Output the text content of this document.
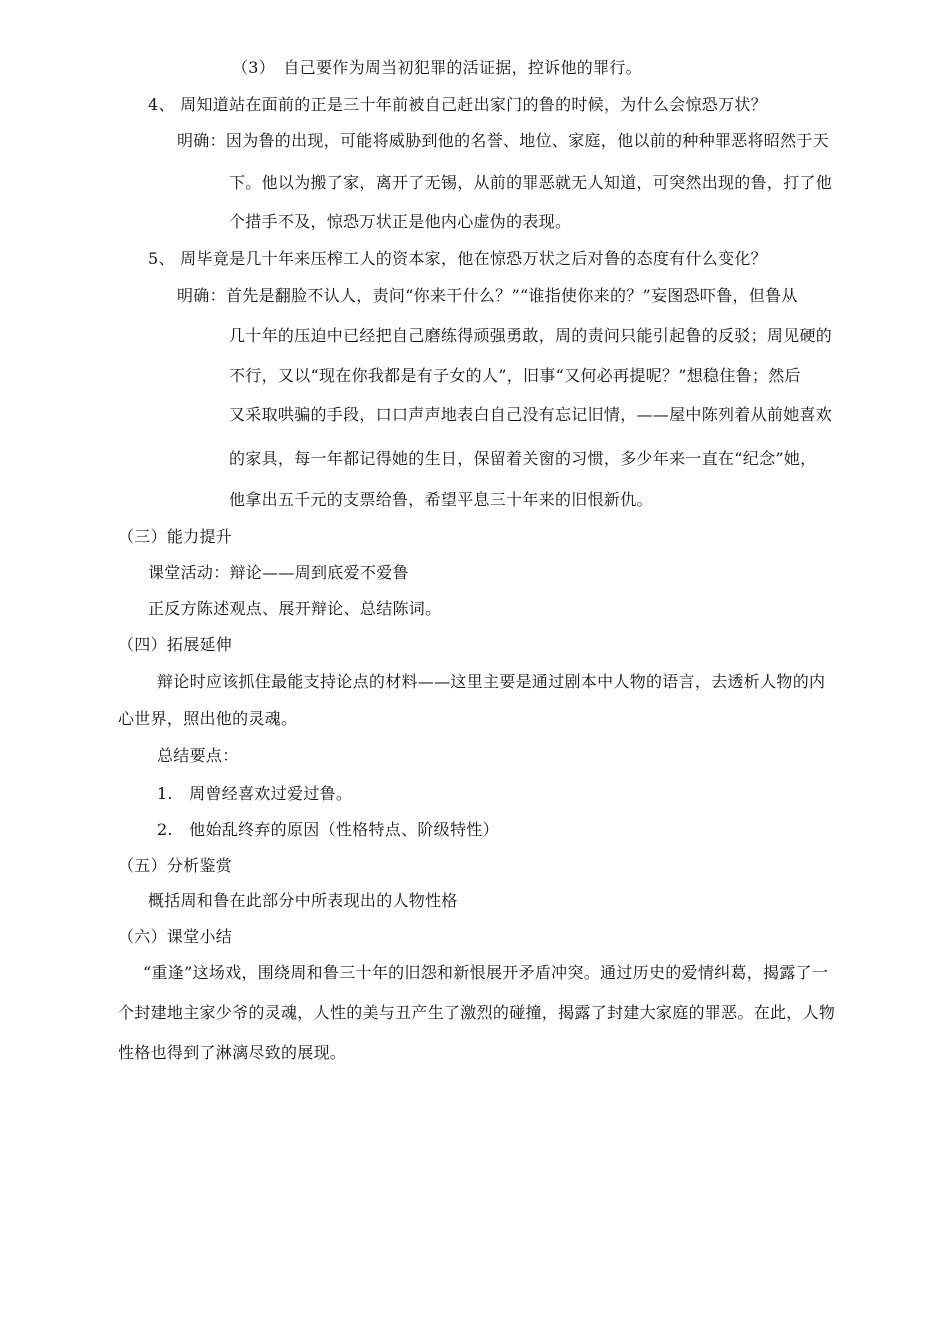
（3）　自己要作为周当初犯罪的活证据，控诉他的罪行。
4、 周知道站在面前的正是三十年前被自己赶出家门的鲁的时候，为什么会惊恐万状？
明确：因为鲁的出现，可能将威胁到他的名誉、地位、家庭，他以前的种种罪恶将昭然于天
下。他以为搬了家，离开了无锡，从前的罪恶就无人知道，可突然出现的鲁，打了他
个措手不及，惊恐万状正是他内心虚伪的表现。
5、 周毕竟是几十年来压榨工人的资本家，他在惊恐万状之后对鲁的态度有什么变化？
明确：首先是翻脸不认人，责问“你来干什么？”“谁指使你来的？”妄图恐吓鲁，但鲁从
几十年的压迫中已经把自己磨练得顽强勇敢，周的责问只能引起鲁的反驳；周见硬的
不行，又以“现在你我都是有子女的人”，旧事“又何必再提呢？”想稳住鲁；然后
又采取哄骗的手段，口口声声地表白自己没有忘记旧情，——屋中陈列着从前她喜欢
的家具，每一年都记得她的生日，保留着关窗的习惯，多少年来一直在“纪念”她，
他拿出五千元的支票给鲁，希望平息三十年来的旧恨新仇。
（三）能力提升
课堂活动：辩论——周到底爱不爱鲁
正反方陈述观点、展开辩论、总结陈词。
（四）拓展延伸
辩论时应该抓住最能支持论点的材料——这里主要是通过剧本中人物的语言，去透析人物的内
心世界，照出他的灵魂。
总结要点：
1.　周曾经喜欢过爱过鲁。
2.　他始乱终弃的原因（性格特点、阶级特性）
（五）分析鉴赏
概括周和鲁在此部分中所表现出的人物性格
（六）课堂小结
“重逢”这场戏，围绕周和鲁三十年的旧怨和新恨展开矛盾冲突。通过历史的爱情纠葛，揭露了一
个封建地主家少爷的灵魂，人性的美与丑产生了激烈的碰撞，揭露了封建大家庭的罪恶。在此，人物
性格也得到了淋漓尽致的展现。
